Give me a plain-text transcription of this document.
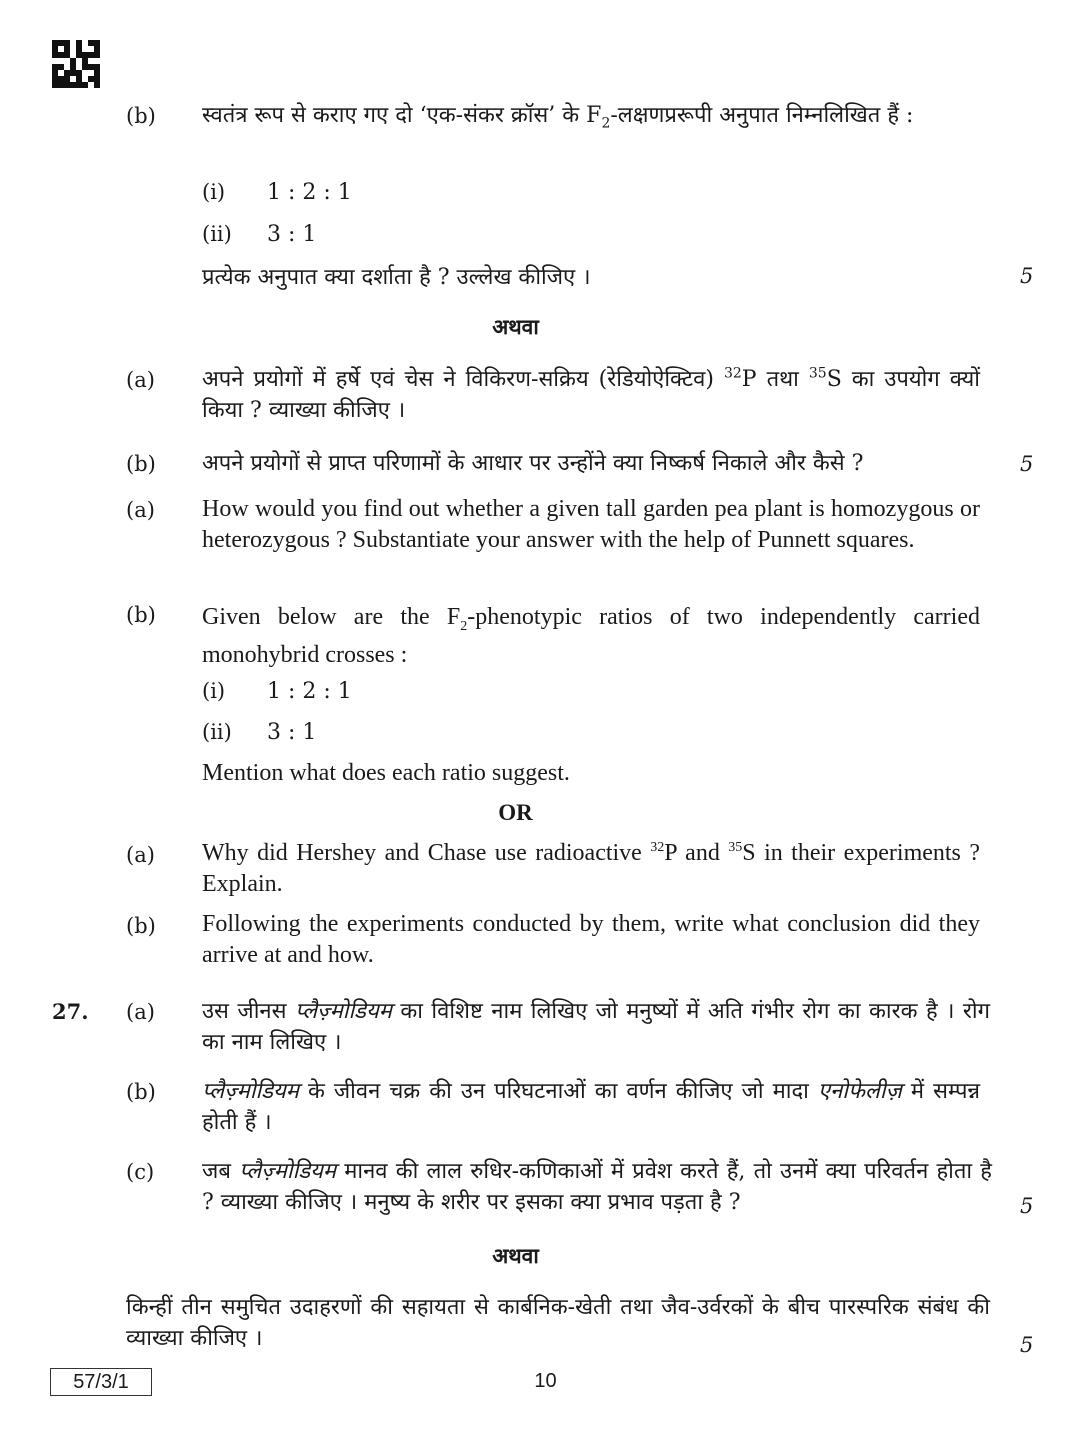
(b) स्वतंत्र रूप से कराए गए दो ‘एक-संकर क्रॉस’ के $F_2-लक्षणप्ररूपी$ अनुपात निम्नलिखित हैं :
(i) 1 : 2 : 1
(ii) 3 : 1
प्रत्येक अनुपात क्या दर्शाता है ? उल्लेख कीजिए ।	5
अथवा
(a) अपने प्रयोगों में हर्षे एवं चेस ने विकिरण-सक्रिय (रेडियोऐक्टिव) $^{32}$P तथा $^{35}$S का उपयोग क्यों किया ? व्याख्या कीजिए ।
(b) अपने प्रयोगों से प्राप्त परिणामों के आधार पर उन्होंने क्या निष्कर्ष निकाले और कैसे ?	5
(a) How would you find out whether a given tall garden pea plant is homozygous or heterozygous ? Substantiate your answer with the help of Punnett squares.
(b) Given below are the $F_2$-phenotypic ratios of two independently carried monohybrid crosses :
(i) 1 : 2 : 1
(ii) 3 : 1
Mention what does each ratio suggest.
OR
(a) Why did Hershey and Chase use radioactive $^{32}$P and $^{35}$S in their experiments ? Explain.
(b) Following the experiments conducted by them, write what conclusion did they arrive at and how.
27. (a) उस जीनस प्लैज़्मोडियम का विशिष्ट नाम लिखिए जो मनुष्यों में अति गंभीर रोग का कारक है । रोग का नाम लिखिए ।
(b) प्लैज़्मोडियम के जीवन चक्र की उन परिघटनाओं का वर्णन कीजिए जो मादा एनोफेलीज़ में सम्पन्न होती हैं ।
(c) जब प्लैज़्मोडियम मानव की लाल रुधिर-कणिकाओं में प्रवेश करते हैं, तो उनमें क्या परिवर्तन होता है ? व्याख्या कीजिए । मनुष्य के शरीर पर इसका क्या प्रभाव पड़ता है ?	5
अथवा
किन्हीं तीन समुचित उदाहरणों की सहायता से कार्बनिक-खेती तथा जैव-उर्वरकों के बीच पारस्परिक संबंध की व्याख्या कीजिए ।	5
57/3/1	10
